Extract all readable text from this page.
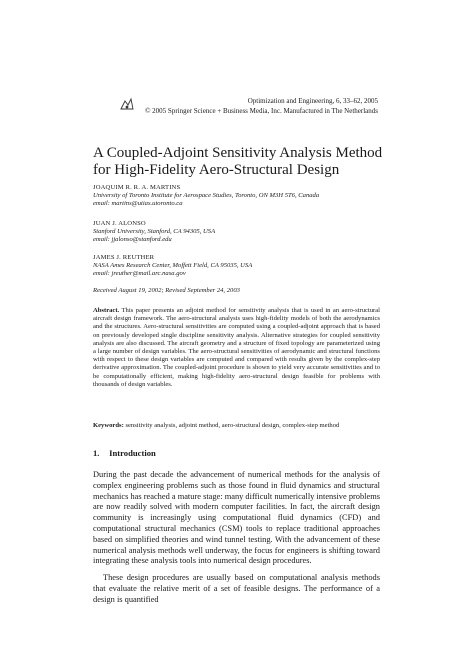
Optimization and Engineering, 6, 33–62, 2005
© 2005 Springer Science + Business Media, Inc. Manufactured in The Netherlands
A Coupled-Adjoint Sensitivity Analysis Method for High-Fidelity Aero-Structural Design
JOAQUIM R. R. A. MARTINS
University of Toronto Institute for Aerospace Studies, Toronto, ON M3H 5T6, Canada
email: martins@utias.utoronto.ca
JUAN J. ALONSO
Stanford University, Stanford, CA 94305, USA
email: jjalonso@stanford.edu
JAMES J. REUTHER
NASA Ames Research Center, Moffett Field, CA 95035, USA
email: jreuther@mail.arc.nasa.gov
Received August 19, 2002; Revised September 24, 2003

Abstract. This paper presents an adjoint method for sensitivity analysis that is used in an aero-structural aircraft design framework. The aero-structural analysis uses high-fidelity models of both the aerodynamics and the structures. Aero-structural sensitivities are computed using a coupled-adjoint approach that is based on previously developed single discipline sensitivity analysis. Alternative strategies for coupled sensitivity analysis are also discussed. The aircraft geometry and a structure of fixed topology are parameterized using a large number of design variables. The aero-structural sensitivities of aerodynamic and structural functions with respect to these design variables are computed and compared with results given by the complex-step derivative approximation. The coupled-adjoint procedure is shown to yield very accurate sensitivities and to be computationally efficient, making high-fidelity aero-structural design feasible for problems with thousands of design variables.

Keywords: sensitivity analysis, adjoint method, aero-structural design, complex-step method
1. Introduction

During the past decade the advancement of numerical methods for the analysis of complex engineering problems such as those found in fluid dynamics and structural mechanics has reached a mature stage: many difficult numerically intensive problems are now readily solved with modern computer facilities. In fact, the aircraft design community is increasingly using computational fluid dynamics (CFD) and computational structural mechanics (CSM) tools to replace traditional approaches based on simplified theories and wind tunnel testing. With the advancement of these numerical analysis methods well underway, the focus for engineers is shifting toward integrating these analysis tools into numerical design procedures.

These design procedures are usually based on computational analysis methods that evaluate the relative merit of a set of feasible designs. The performance of a design is quantified
